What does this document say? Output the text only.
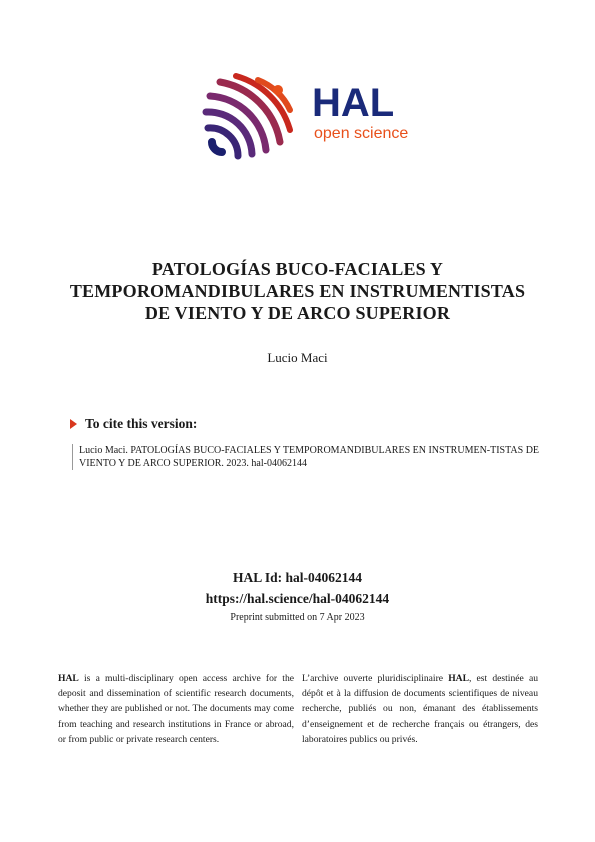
HAL
open science
PATOLOGÍAS BUCO-FACIALES Y TEMPOROMANDIBULARES EN INSTRUMENTISTAS DE VIENTO Y DE ARCO SUPERIOR
Lucio Maci
To cite this version:
Lucio Maci. PATOLOGÍAS BUCO-FACIALES Y TEMPOROMANDIBULARES EN INSTRUMEN-TISTAS DE VIENTO Y DE ARCO SUPERIOR. 2023. hal-04062144
HAL Id: hal-04062144
https://hal.science/hal-04062144
Preprint submitted on 7 Apr 2023
HAL is a multi-disciplinary open access archive for the deposit and dissemination of scientific research documents, whether they are published or not. The documents may come from teaching and research institutions in France or abroad, or from public or private research centers.
L’archive ouverte pluridisciplinaire HAL, est destinée au dépôt et à la diffusion de documents scientifiques de niveau recherche, publiés ou non, émanant des établissements d’enseignement et de recherche français ou étrangers, des laboratoires publics ou privés.
